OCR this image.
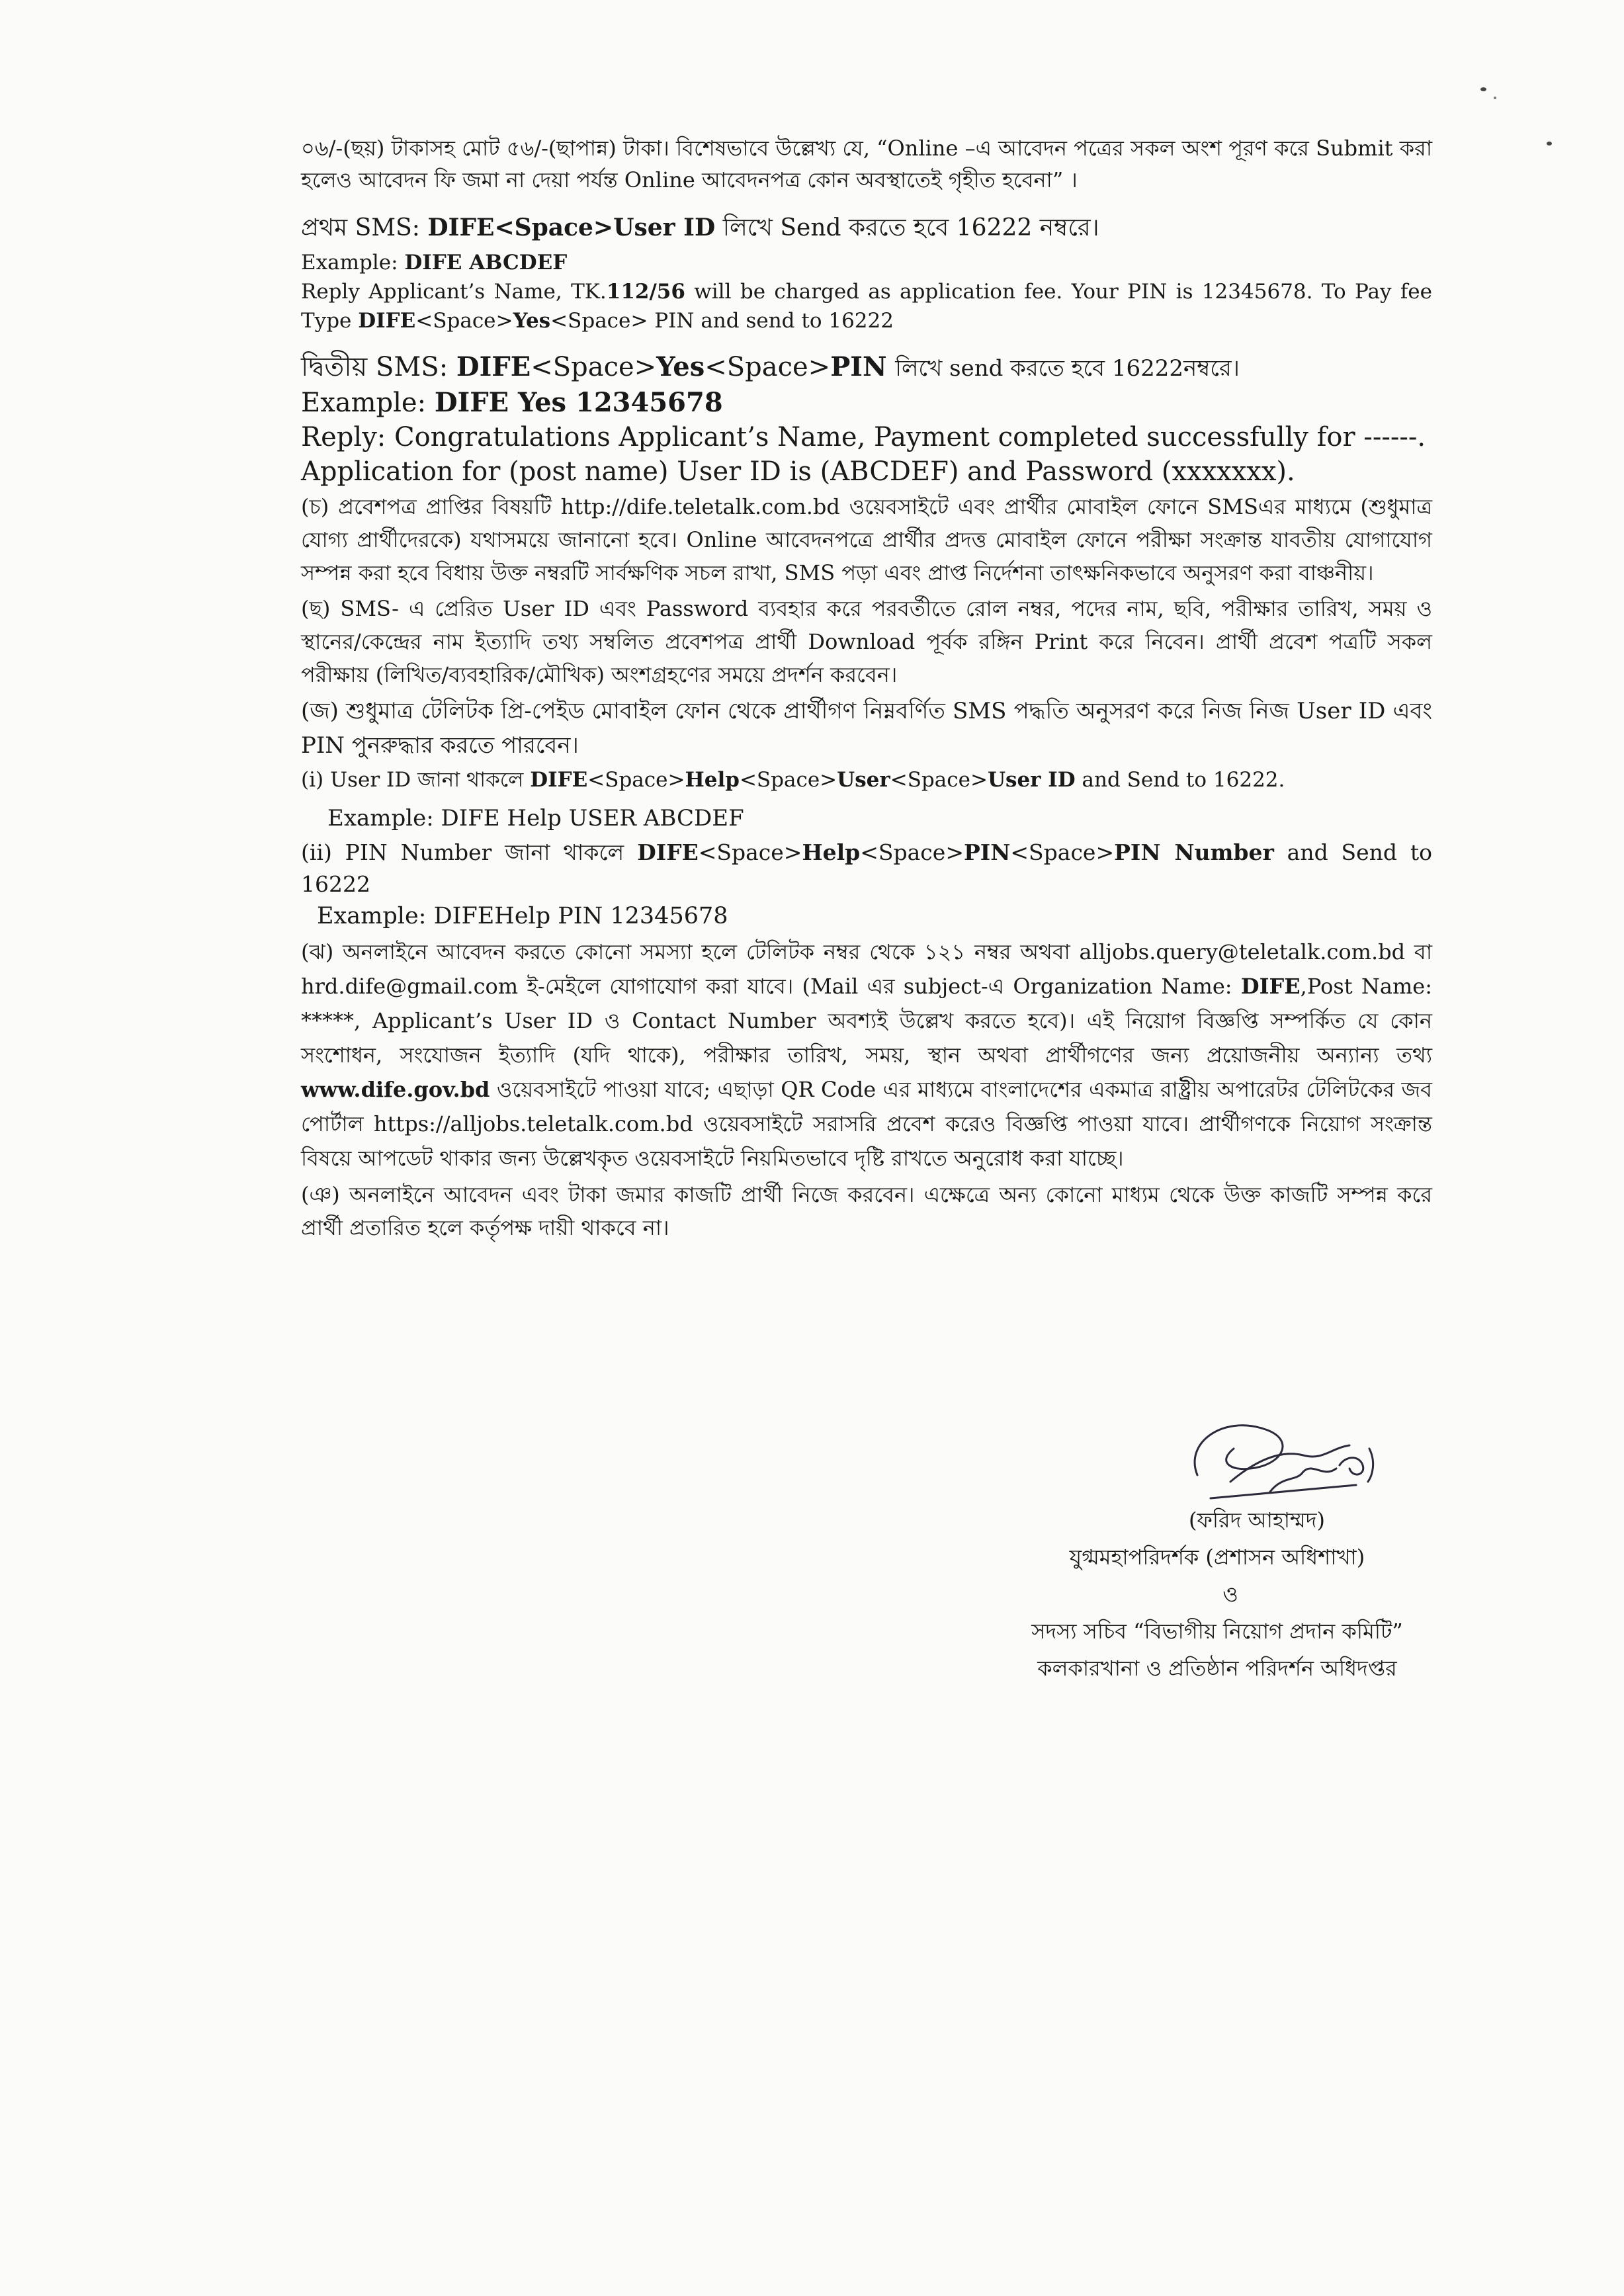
০৬/-(ছয়) টাকাসহ মোট ৫৬/-(ছাপান্ন) টাকা। বিশেষভাবে উল্লেখ্য যে, “Online –এ আবেদন পত্রের সকল অংশ পূরণ করে Submit করা হলেও আবেদন ফি জমা না দেয়া পর্যন্ত Online আবেদনপত্র কোন অবস্থাতেই গৃহীত হবেনা” ।

প্রথম SMS: DIFE<Space>User ID লিখে Send করতে হবে 16222 নম্বরে।

Example: DIFE ABCDEF

Reply Applicant’s Name, TK.112/56 will be charged as application fee. Your PIN is 12345678. To Pay fee Type DIFE<Space>Yes<Space> PIN and send to 16222

দ্বিতীয় SMS: DIFE<Space>Yes<Space>PIN লিখে send করতে হবে 16222নম্বরে।

Example: DIFE Yes 12345678

Reply: Congratulations Applicant’s Name, Payment completed successfully for ------.

Application for (post name) User ID is (ABCDEF) and Password (xxxxxxx).

(চ) প্রবেশপত্র প্রাপ্তির বিষয়টি http://dife.teletalk.com.bd ওয়েবসাইটে এবং প্রার্থীর মোবাইল ফোনে SMSএর মাধ্যমে (শুধুমাত্র যোগ্য প্রার্থীদেরকে) যথাসময়ে জানানো হবে। Online আবেদনপত্রে প্রার্থীর প্রদত্ত মোবাইল ফোনে পরীক্ষা সংক্রান্ত যাবতীয় যোগাযোগ সম্পন্ন করা হবে বিধায় উক্ত নম্বরটি সার্বক্ষণিক সচল রাখা, SMS পড়া এবং প্রাপ্ত নির্দেশনা তাৎক্ষনিকভাবে অনুসরণ করা বাঞ্চনীয়।

(ছ) SMS- এ প্রেরিত User ID এবং Password ব্যবহার করে পরবর্তীতে রোল নম্বর, পদের নাম, ছবি, পরীক্ষার তারিখ, সময় ও স্থানের/কেন্দ্রের নাম ইত্যাদি তথ্য সম্বলিত প্রবেশপত্র প্রার্থী Download পূর্বক রঙ্গিন Print করে নিবেন। প্রার্থী প্রবেশ পত্রটি সকল পরীক্ষায় (লিখিত/ব্যবহারিক/মৌখিক) অংশগ্রহণের সময়ে প্রদর্শন করবেন।

(জ) শুধুমাত্র টেলিটক প্রি-পেইড মোবাইল ফোন থেকে প্রার্থীগণ নিম্নবর্ণিত SMS পদ্ধতি অনুসরণ করে নিজ নিজ User ID এবং PIN পুনরুদ্ধার করতে পারবেন।

(i) User ID জানা থাকলে DIFE<Space>Help<Space>User<Space>User ID and Send to 16222.

Example: DIFE Help USER ABCDEF

(ii) PIN Number জানা থাকলে DIFE<Space>Help<Space>PIN<Space>PIN Number and Send to 16222

Example: DIFEHelp PIN 12345678

(ঝ) অনলাইনে আবেদন করতে কোনো সমস্যা হলে টেলিটক নম্বর থেকে ১২১ নম্বর অথবা alljobs.query@teletalk.com.bd বা hrd.dife@gmail.com ই-মেইলে যোগাযোগ করা যাবে। (Mail এর subject-এ Organization Name: DIFE,Post Name: *****, Applicant’s User ID ও Contact Number অবশ্যই উল্লেখ করতে হবে)। এই নিয়োগ বিজ্ঞপ্তি সম্পর্কিত যে কোন সংশোধন, সংযোজন ইত্যাদি (যদি থাকে), পরীক্ষার তারিখ, সময়, স্থান অথবা প্রার্থীগণের জন্য প্রয়োজনীয় অন্যান্য তথ্য www.dife.gov.bd ওয়েবসাইটে পাওয়া যাবে; এছাড়া QR Code এর মাধ্যমে বাংলাদেশের একমাত্র রাষ্ট্রীয় অপারেটর টেলিটকের জব পোর্টাল https://alljobs.teletalk.com.bd ওয়েবসাইটে সরাসরি প্রবেশ করেও বিজ্ঞপ্তি পাওয়া যাবে। প্রার্থীগণকে নিয়োগ সংক্রান্ত বিষয়ে আপডেট থাকার জন্য উল্লেখকৃত ওয়েবসাইটে নিয়মিতভাবে দৃষ্টি রাখতে অনুরোধ করা যাচ্ছে।

(ঞ) অনলাইনে আবেদন এবং টাকা জমার কাজটি প্রার্থী নিজে করবেন। এক্ষেত্রে অন্য কোনো মাধ্যম থেকে উক্ত কাজটি সম্পন্ন করে প্রার্থী প্রতারিত হলে কর্তৃপক্ষ দায়ী থাকবে না।

(ফরিদ আহাম্মদ)
যুগ্মমহাপরিদর্শক (প্রশাসন অধিশাখা)
ও
সদস্য সচিব “বিভাগীয় নিয়োগ প্রদান কমিটি”
কলকারখানা ও প্রতিষ্ঠান পরিদর্শন অধিদপ্তর
